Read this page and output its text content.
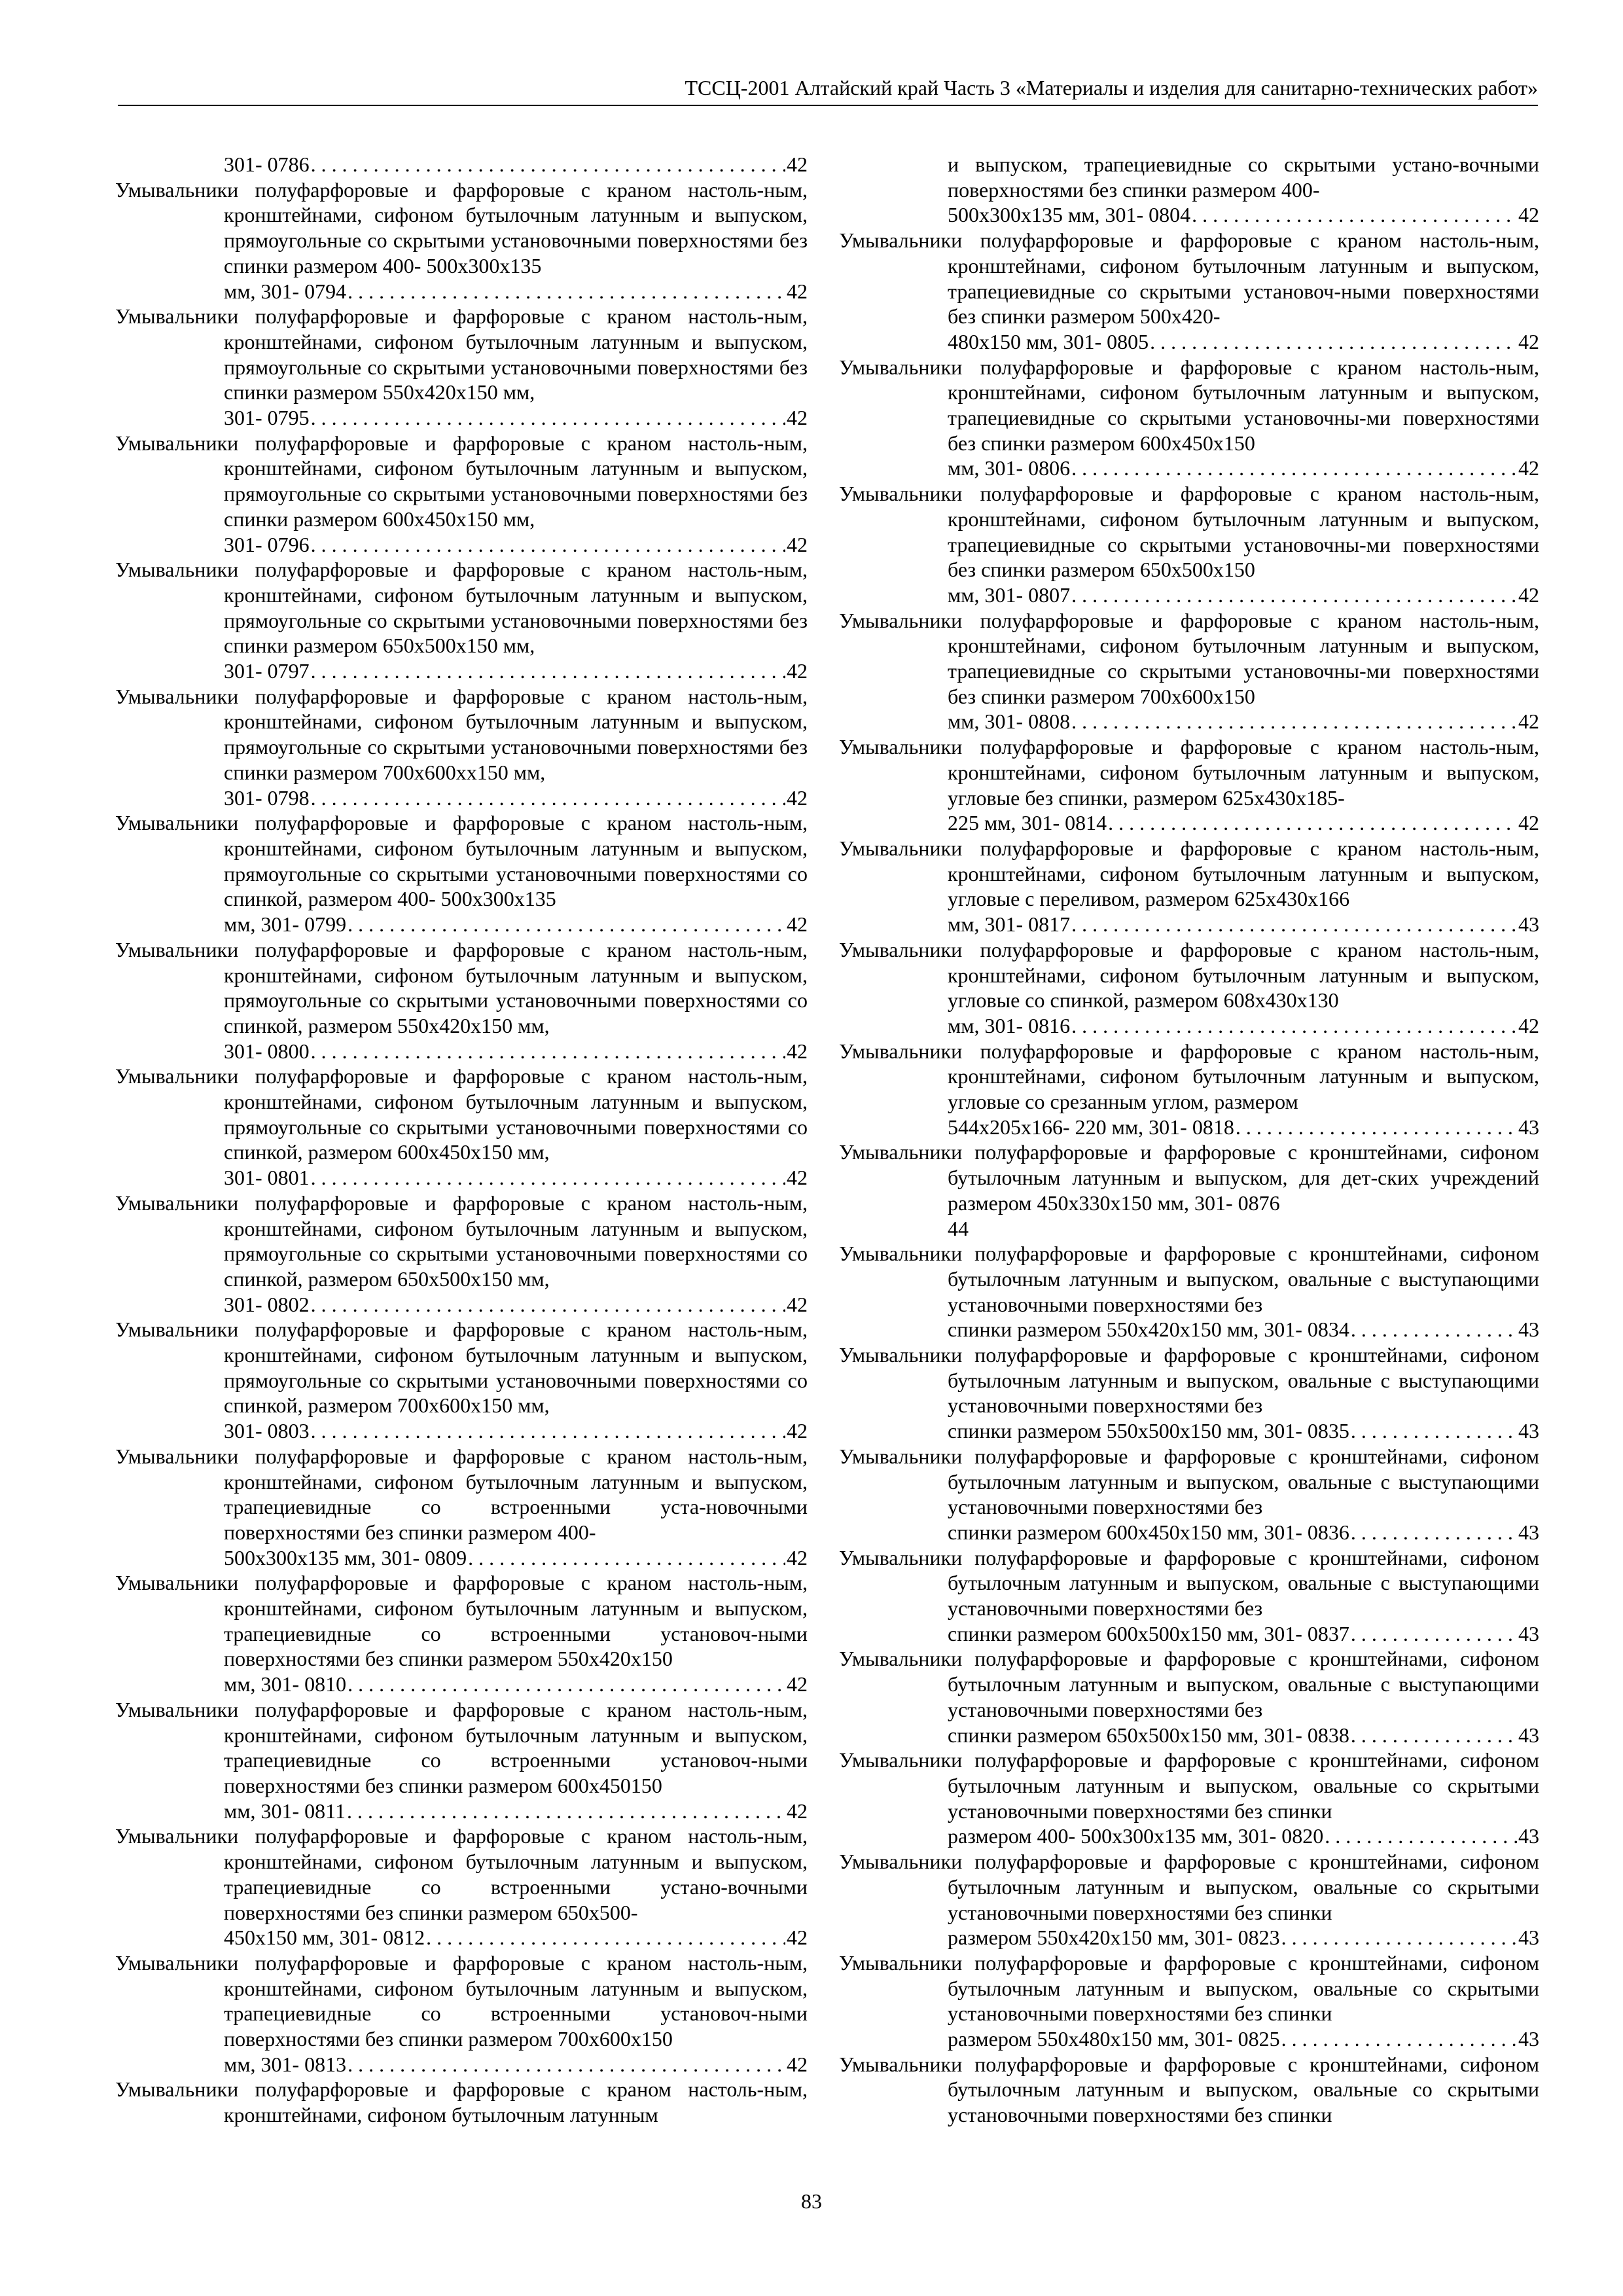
ТССЦ-2001 Алтайский край Часть 3 «Материалы и изделия для санитарно-технических работ»
301- 0786 . . .	42
Умывальники полуфарфоровые и фарфоровые с краном настоль-ным, кронштейнами, сифоном бутылочным латунным и выпуском, прямоугольные со скрытыми установочными поверхностями без спинки размером 400- 500х300х135
мм, 301- 0794 . . .	42
Умывальники полуфарфоровые и фарфоровые с краном настоль-ным, кронштейнами, сифоном бутылочным латунным и выпуском, прямоугольные со скрытыми установочными поверхностями без спинки размером 550х420х150 мм,
301- 0795 . . .	42
Умывальники полуфарфоровые и фарфоровые с краном настоль-ным, кронштейнами, сифоном бутылочным латунным и выпуском, прямоугольные со скрытыми установочными поверхностями без спинки размером 600х450х150 мм,
301- 0796 . . .	42
Умывальники полуфарфоровые и фарфоровые с краном настоль-ным, кронштейнами, сифоном бутылочным латунным и выпуском, прямоугольные со скрытыми установочными поверхностями без спинки размером 650х500х150 мм,
301- 0797 . . .	42
Умывальники полуфарфоровые и фарфоровые с краном настоль-ным, кронштейнами, сифоном бутылочным латунным и выпуском, прямоугольные со скрытыми установочными поверхностями без спинки размером 700х600хх150 мм,
301- 0798 . . .	42
Умывальники полуфарфоровые и фарфоровые с краном настоль-ным, кронштейнами, сифоном бутылочным латунным и выпуском, прямоугольные со скрытыми установочными поверхностями со спинкой, размером 400- 500х300х135
мм, 301- 0799 . . .	42
Умывальники полуфарфоровые и фарфоровые с краном настоль-ным, кронштейнами, сифоном бутылочным латунным и выпуском, прямоугольные со скрытыми установочными поверхностями со спинкой, размером 550х420х150 мм,
301- 0800 . . .	42
Умывальники полуфарфоровые и фарфоровые с краном настоль-ным, кронштейнами, сифоном бутылочным латунным и выпуском, прямоугольные со скрытыми установочными поверхностями со спинкой, размером 600х450х150 мм,
301- 0801 . . .	42
Умывальники полуфарфоровые и фарфоровые с краном настоль-ным, кронштейнами, сифоном бутылочным латунным и выпуском, прямоугольные со скрытыми установочными поверхностями со спинкой, размером 650х500х150 мм,
301- 0802 . . .	42
Умывальники полуфарфоровые и фарфоровые с краном настоль-ным, кронштейнами, сифоном бутылочным латунным и выпуском, прямоугольные со скрытыми установочными поверхностями со спинкой, размером 700х600х150 мм,
301- 0803 . . .	42
Умывальники полуфарфоровые и фарфоровые с краном настоль-ным, кронштейнами, сифоном бутылочным латунным и выпуском, трапециевидные со встроенными уста-новочными поверхностями без спинки размером 400-
500х300х135 мм, 301- 0809 . . .	42
Умывальники полуфарфоровые и фарфоровые с краном настоль-ным, кронштейнами, сифоном бутылочным латунным и выпуском, трапециевидные со встроенными установоч-ными поверхностями без спинки размером 550х420х150
мм, 301- 0810 . . .	42
Умывальники полуфарфоровые и фарфоровые с краном настоль-ным, кронштейнами, сифоном бутылочным латунным и выпуском, трапециевидные со встроенными установоч-ными поверхностями без спинки размером 600х450150
мм, 301- 0811 . . .	42
Умывальники полуфарфоровые и фарфоровые с краном настоль-ным, кронштейнами, сифоном бутылочным латунным и выпуском, трапециевидные со встроенными устано-вочными поверхностями без спинки размером 650х500-
450х150 мм, 301- 0812 . . .	42
Умывальники полуфарфоровые и фарфоровые с краном настоль-ным, кронштейнами, сифоном бутылочным латунным и выпуском, трапециевидные со встроенными установоч-ными поверхностями без спинки размером 700х600х150
мм, 301- 0813 . . .	42
Умывальники полуфарфоровые и фарфоровые с краном настоль-ным, кронштейнами, сифоном бутылочным латунным
и выпуском, трапециевидные со скрытыми устано-вочными поверхностями без спинки размером 400-
500х300х135 мм, 301- 0804 . . .	42
Умывальники полуфарфоровые и фарфоровые с краном настоль-ным, кронштейнами, сифоном бутылочным латунным и выпуском, трапециевидные со скрытыми установоч-ными поверхностями без спинки размером 500х420-
480х150 мм, 301- 0805 . . .	42
Умывальники полуфарфоровые и фарфоровые с краном настоль-ным, кронштейнами, сифоном бутылочным латунным и выпуском, трапециевидные со скрытыми установочны-ми поверхностями без спинки размером 600х450х150
мм, 301- 0806 . . .	42
Умывальники полуфарфоровые и фарфоровые с краном настоль-ным, кронштейнами, сифоном бутылочным латунным и выпуском, трапециевидные со скрытыми установочны-ми поверхностями без спинки размером 650х500х150
мм, 301- 0807 . . .	42
Умывальники полуфарфоровые и фарфоровые с краном настоль-ным, кронштейнами, сифоном бутылочным латунным и выпуском, трапециевидные со скрытыми установочны-ми поверхностями без спинки размером 700х600х150
мм, 301- 0808 . . .	42
Умывальники полуфарфоровые и фарфоровые с краном настоль-ным, кронштейнами, сифоном бутылочным латунным и выпуском, угловые без спинки, размером 625х430х185-
225 мм, 301- 0814 . . .	42
Умывальники полуфарфоровые и фарфоровые с краном настоль-ным, кронштейнами, сифоном бутылочным латунным и выпуском, угловые с переливом, размером 625х430х166
мм, 301- 0817 . . .	43
Умывальники полуфарфоровые и фарфоровые с краном настоль-ным, кронштейнами, сифоном бутылочным латунным и выпуском, угловые со спинкой, размером 608х430х130
мм, 301- 0816 . . .	42
Умывальники полуфарфоровые и фарфоровые с краном настоль-ным, кронштейнами, сифоном бутылочным латунным и выпуском, угловые со срезанным углом, размером
544х205х166- 220 мм, 301- 0818 . . .	43
Умывальники полуфарфоровые и фарфоровые с кронштейнами, сифоном бутылочным латунным и выпуском, для дет-ских учреждений размером 450х330х150 мм, 301- 0876
44
Умывальники полуфарфоровые и фарфоровые с кронштейнами, сифоном бутылочным латунным и выпуском, овальные с выступающими установочными поверхностями без
спинки размером 550х420х150 мм, 301- 0834 . . .	43
Умывальники полуфарфоровые и фарфоровые с кронштейнами, сифоном бутылочным латунным и выпуском, овальные с выступающими установочными поверхностями без
спинки размером 550х500х150 мм, 301- 0835 . . .	43
Умывальники полуфарфоровые и фарфоровые с кронштейнами, сифоном бутылочным латунным и выпуском, овальные с выступающими установочными поверхностями без
спинки размером 600х450х150 мм, 301- 0836 . . .	43
Умывальники полуфарфоровые и фарфоровые с кронштейнами, сифоном бутылочным латунным и выпуском, овальные с выступающими установочными поверхностями без
спинки размером 600х500х150 мм, 301- 0837 . . .	43
Умывальники полуфарфоровые и фарфоровые с кронштейнами, сифоном бутылочным латунным и выпуском, овальные с выступающими установочными поверхностями без
спинки размером 650х500х150 мм, 301- 0838 . . .	43
Умывальники полуфарфоровые и фарфоровые с кронштейнами, сифоном бутылочным латунным и выпуском, овальные со скрытыми установочными поверхностями без спинки
размером 400- 500х300х135 мм, 301- 0820 . . .	43
Умывальники полуфарфоровые и фарфоровые с кронштейнами, сифоном бутылочным латунным и выпуском, овальные со скрытыми установочными поверхностями без спинки
размером 550х420х150 мм, 301- 0823 . . .	43
Умывальники полуфарфоровые и фарфоровые с кронштейнами, сифоном бутылочным латунным и выпуском, овальные со скрытыми установочными поверхностями без спинки
размером 550х480х150 мм, 301- 0825 . . .	43
Умывальники полуфарфоровые и фарфоровые с кронштейнами, сифоном бутылочным латунным и выпуском, овальные со скрытыми установочными поверхностями без спинки
83
